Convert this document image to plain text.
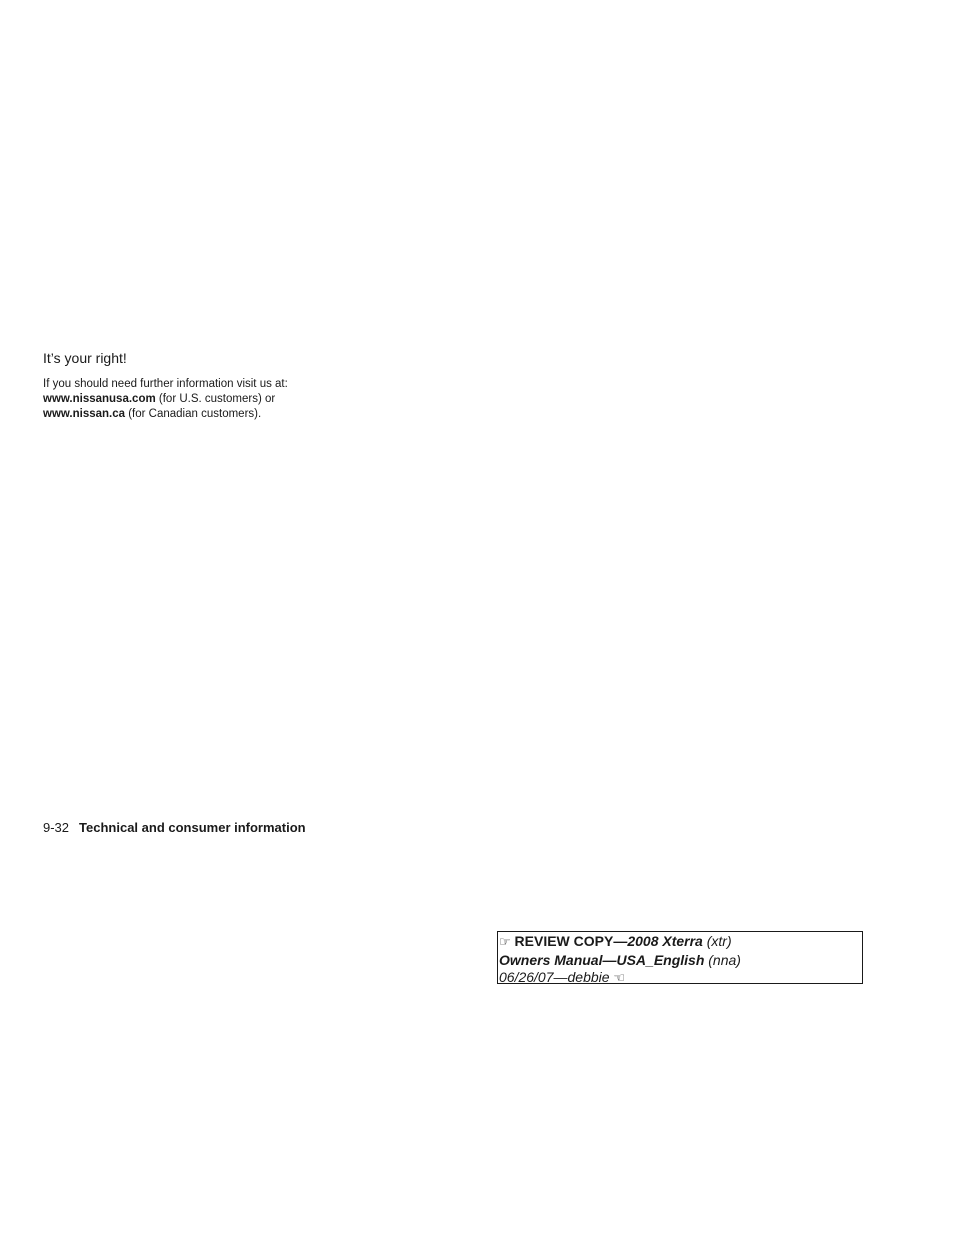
It’s your right!

If you should need further information visit us at:
www.nissanusa.com (for U.S. customers) or
www.nissan.ca (for Canadian customers).

9-32 Technical and consumer information
☞ REVIEW COPY—2008 Xterra (xtr)
Owners Manual—USA_English (nna)
06/26/07—debbie ☜
